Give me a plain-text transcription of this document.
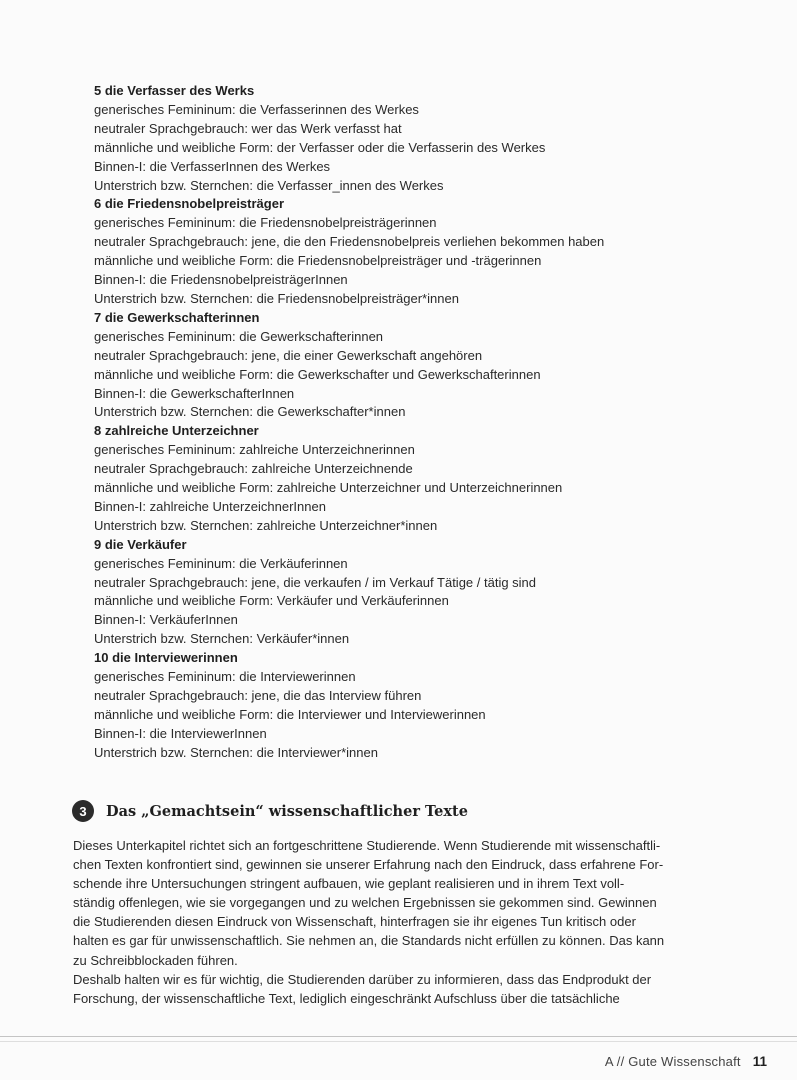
5 die Verfasser des Werks
generisches Femininum: die Verfasserinnen des Werkes
neutraler Sprachgebrauch: wer das Werk verfasst hat
männliche und weibliche Form: der Verfasser oder die Verfasserin des Werkes
Binnen-I: die VerfasserInnen des Werkes
Unterstrich bzw. Sternchen: die Verfasser_innen des Werkes
6 die Friedensnobelpreisträger
generisches Femininum: die Friedensnobelpreisträgerinnen
neutraler Sprachgebrauch: jene, die den Friedensnobelpreis verliehen bekommen haben
männliche und weibliche Form: die Friedensnobelpreisträger und -trägerinnen
Binnen-I: die FriedensnobelpreisträgerInnen
Unterstrich bzw. Sternchen: die Friedensnobelpreisträger*innen
7 die Gewerkschafterinnen
generisches Femininum: die Gewerkschafterinnen
neutraler Sprachgebrauch: jene, die einer Gewerkschaft angehören
männliche und weibliche Form: die Gewerkschafter und Gewerkschafterinnen
Binnen-I: die GewerkschafterInnen
Unterstrich bzw. Sternchen: die Gewerkschafter*innen
8 zahlreiche Unterzeichner
generisches Femininum: zahlreiche Unterzeichnerinnen
neutraler Sprachgebrauch: zahlreiche Unterzeichnende
männliche und weibliche Form: zahlreiche Unterzeichner und Unterzeichnerinnen
Binnen-I: zahlreiche UnterzeichnerInnen
Unterstrich bzw. Sternchen: zahlreiche Unterzeichner*innen
9 die Verkäufer
generisches Femininum: die Verkäuferinnen
neutraler Sprachgebrauch: jene, die verkaufen / im Verkauf Tätige / tätig sind
männliche und weibliche Form: Verkäufer und Verkäuferinnen
Binnen-I: VerkäuferInnen
Unterstrich bzw. Sternchen: Verkäufer*innen
10 die Interviewerinnen
generisches Femininum: die Interviewerinnen
neutraler Sprachgebrauch: jene, die das Interview führen
männliche und weibliche Form: die Interviewer und Interviewerinnen
Binnen-I: die InterviewerInnen
Unterstrich bzw. Sternchen: die Interviewer*innen
3	Das „Gemachtsein“ wissenschaftlicher Texte
Dieses Unterkapitel richtet sich an fortgeschrittene Studierende. Wenn Studierende mit wissenschaftli-
chen Texten konfrontiert sind, gewinnen sie unserer Erfahrung nach den Eindruck, dass erfahrene For-
schende ihre Untersuchungen stringent aufbauen, wie geplant realisieren und in ihrem Text voll-
ständig offenlegen, wie sie vorgegangen und zu welchen Ergebnissen sie gekommen sind. Gewinnen
die Studierenden diesen Eindruck von Wissenschaft, hinterfragen sie ihr eigenes Tun kritisch oder
halten es gar für unwissenschaftlich. Sie nehmen an, die Standards nicht erfüllen zu können. Das kann
zu Schreibblockaden führen.
Deshalb halten wir es für wichtig, die Studierenden darüber zu informieren, dass das Endprodukt der
Forschung, der wissenschaftliche Text, lediglich eingeschränkt Aufschluss über die tatsächliche
A // Gute Wissenschaft 11
